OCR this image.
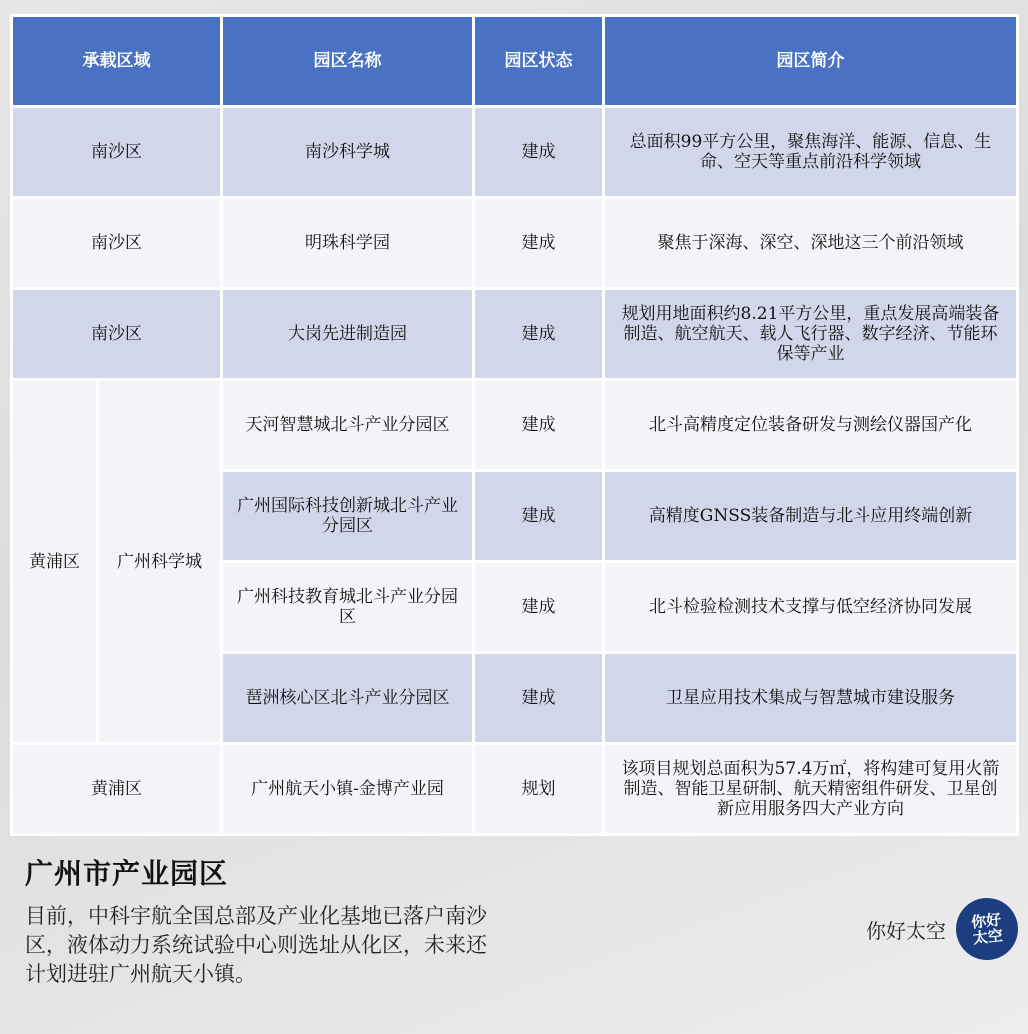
承载区域		园区名称	园区状态	园区简介
南沙区		南沙科学城	建成	总面积99平方公里，聚焦海洋、能源、信息、生命、空天等重点前沿科学领域
南沙区		明珠科学园	建成	聚焦于深海、深空、深地这三个前沿领域
南沙区		大岗先进制造园	建成	规划用地面积约8.21平方公里，重点发展高端装备制造、航空航天、载人飞行器、数字经济、节能环保等产业
黄浦区	广州科学城	天河智慧城北斗产业分园区	建成	北斗高精度定位装备研发与测绘仪器国产化
		广州国际科技创新城北斗产业分园区	建成	高精度GNSS装备制造与北斗应用终端创新
		广州科技教育城北斗产业分园区	建成	北斗检验检测技术支撑与低空经济协同发展
		琶洲核心区北斗产业分园区	建成	卫星应用技术集成与智慧城市建设服务
黄浦区		广州航天小镇-金博产业园	规划	该项目规划总面积为57.4万㎡，将构建可复用火箭制造、智能卫星研制、航天精密组件研发、卫星创新应用服务四大产业方向
广州市产业园区

目前，中科宇航全国总部及产业化基地已落户南沙区，液体动力系统试验中心则选址从化区，未来还计划进驻广州航天小镇。

你好太空 你好
太空
